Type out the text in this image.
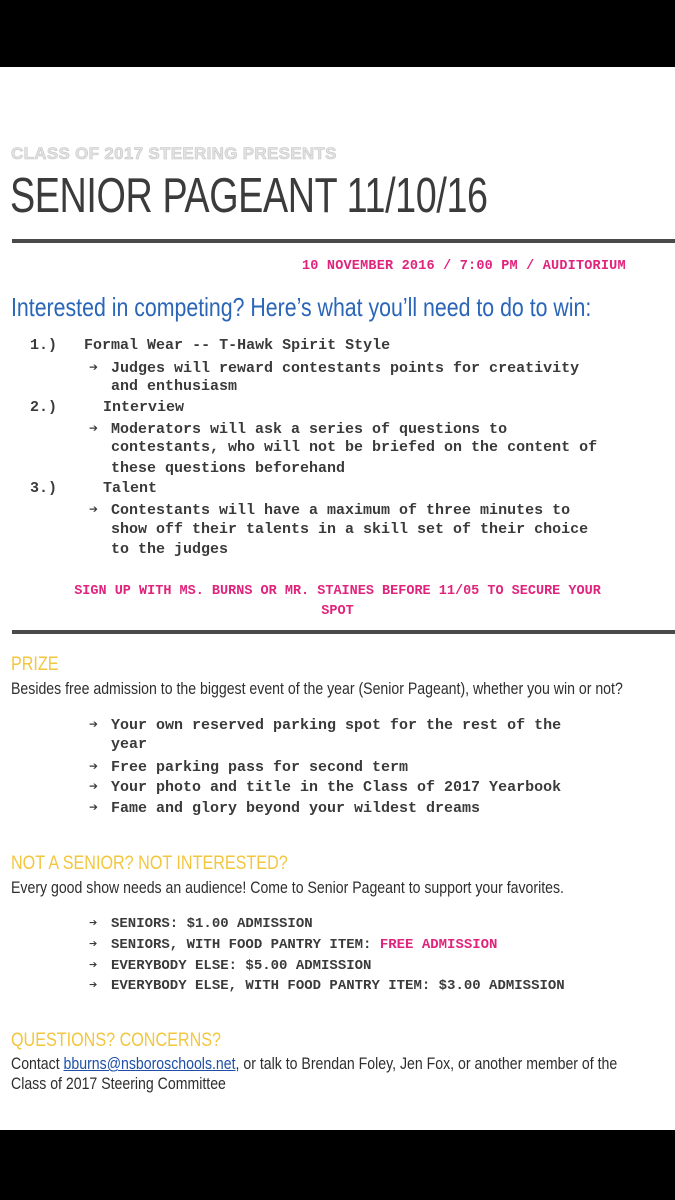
CLASS OF 2017 STEERING PRESENTS
SENIOR PAGEANT 11/10/16
10 NOVEMBER 2016 / 7:00 PM / AUDITORIUM
Interested in competing? Here’s what you’ll need to do to win:
1.) Formal Wear -- T-Hawk Spirit Style
➔ Judges will reward contestants points for creativity
and enthusiasm
2.)	Interview
➔ Moderators will ask a series of questions to
contestants, who will not be briefed on the content of
these questions beforehand
3.)	Talent
➔ Contestants will have a maximum of three minutes to
show off their talents in a skill set of their choice
to the judges
SIGN UP WITH MS. BURNS OR MR. STAINES BEFORE 11/05 TO SECURE YOUR
SPOT
PRIZE
Besides free admission to the biggest event of the year (Senior Pageant), whether you win or not?
➔ Your own reserved parking spot for the rest of the
year
➔ Free parking pass for second term
➔ Your photo and title in the Class of 2017 Yearbook
➔ Fame and glory beyond your wildest dreams
NOT A SENIOR? NOT INTERESTED?
Every good show needs an audience! Come to Senior Pageant to support your favorites.
➔ SENIORS: $1.00 ADMISSION
➔ SENIORS, WITH FOOD PANTRY ITEM: FREE ADMISSION
➔ EVERYBODY ELSE: $5.00 ADMISSION
➔ EVERYBODY ELSE, WITH FOOD PANTRY ITEM: $3.00 ADMISSION
QUESTIONS? CONCERNS?
Contact bburns@nsboroschools.net, or talk to Brendan Foley, Jen Fox, or another member of the
Class of 2017 Steering Committee
